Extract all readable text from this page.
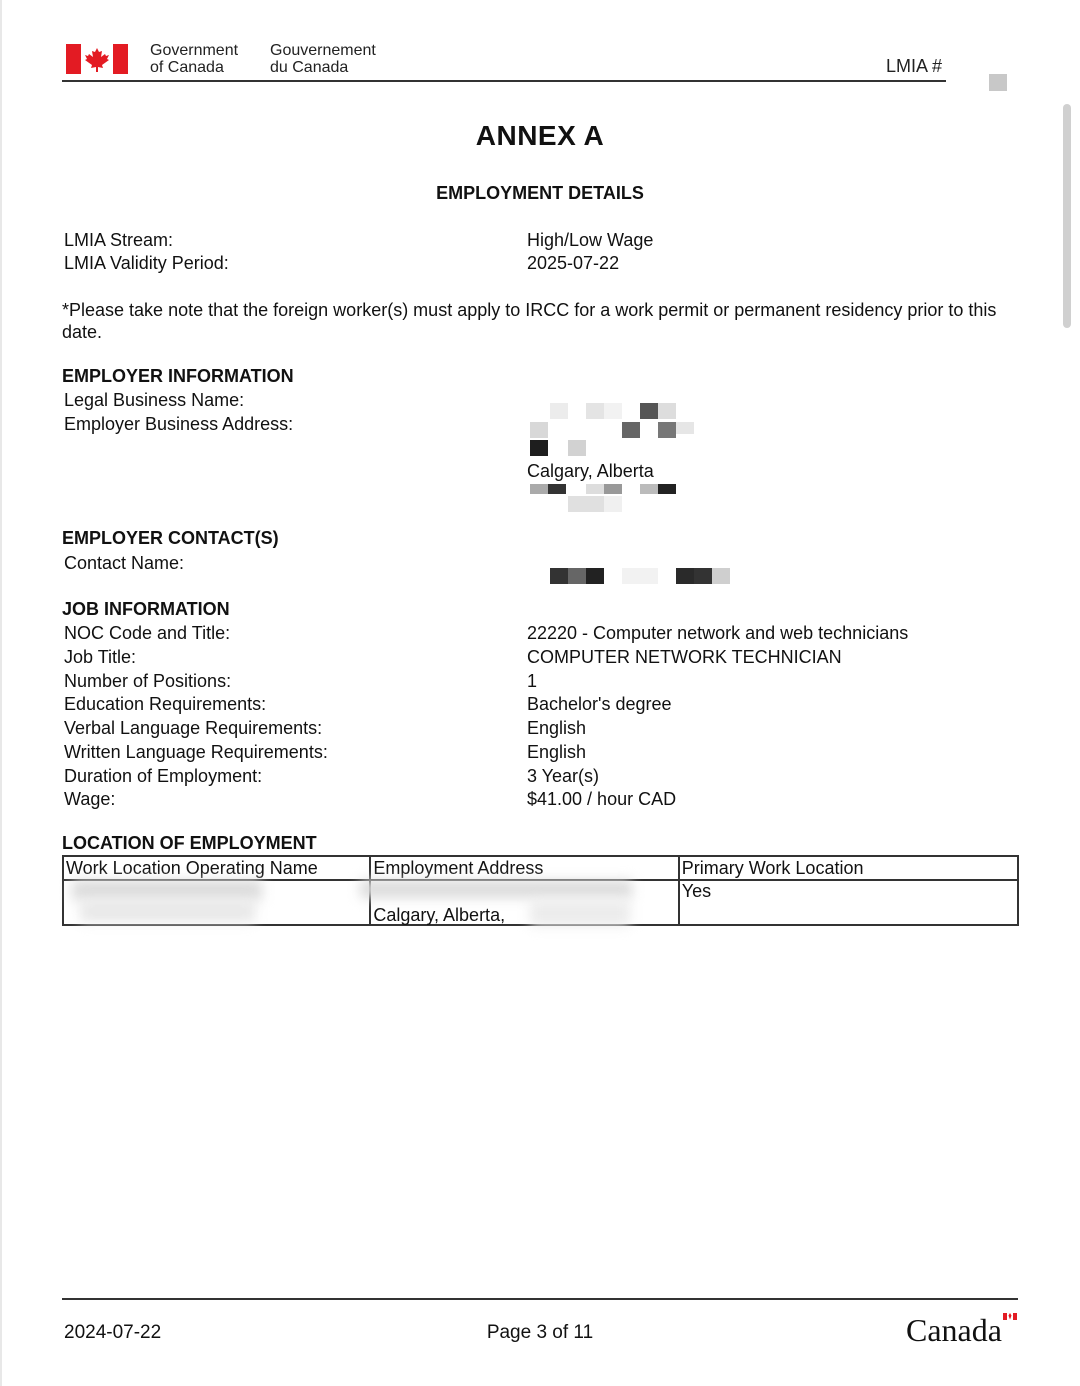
Government
of Canada
Gouvernement
du Canada	LMIA #
ANNEX A
EMPLOYMENT DETAILS
LMIA Stream:	High/Low Wage
LMIA Validity Period:	2025-07-22
*Please take note that the foreign worker(s) must apply to IRCC for a work permit or permanent residency prior to this date.
EMPLOYER INFORMATION
Legal Business Name:
Employer Business Address:
Calgary, Alberta
EMPLOYER CONTACT(S)
Contact Name:
JOB INFORMATION
NOC Code and Title:	22220 - Computer network and web technicians
Job Title:	COMPUTER NETWORK TECHNICIAN
Number of Positions:	1
Education Requirements:	Bachelor's degree
Verbal Language Requirements:	English
Written Language Requirements:	English
Duration of Employment:	3 Year(s)
Wage:	$41.00 / hour CAD
LOCATION OF EMPLOYMENT
Work Location Operating Name	Employment Address	Primary Work Location

	Calgary, Alberta,	Yes
2024-07-22	Page 3 of 11	Canada
